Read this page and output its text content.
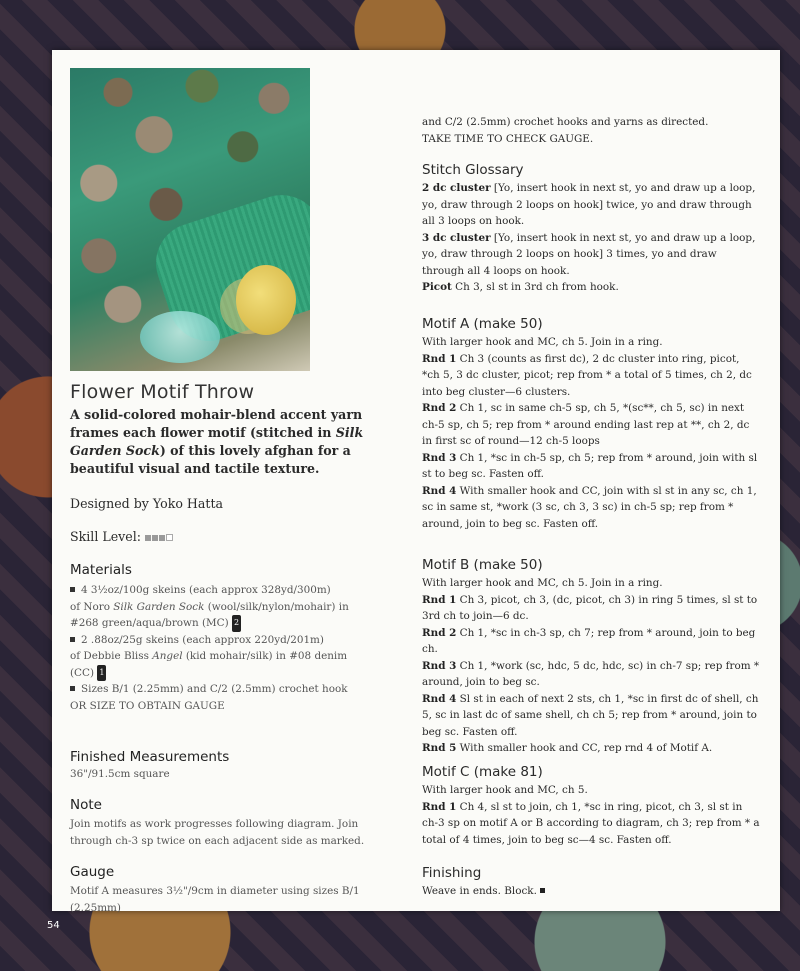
Flower Motif Throw
A solid-colored mohair-blend accent yarn frames each flower motif (stitched in Silk Garden Sock) of this lovely afghan for a beautiful visual and tactile texture.
Designed by Yoko Hatta
Skill Level:
Materials
4 3½oz/100g skeins (each approx 328yd/300m)
of Noro Silk Garden Sock (wool/silk/nylon/mohair) in
#268 green/aqua/brown (MC) 2
2 .88oz/25g skeins (each approx 220yd/201m)
of Debbie Bliss Angel (kid mohair/silk) in #08 denim
(CC) 1
Sizes B/1 (2.25mm) and C/2 (2.5mm) crochet hook
OR SIZE TO OBTAIN GAUGE
Finished Measurements
36"/91.5cm square
Note
Join motifs as work progresses following diagram. Join through ch-3 sp twice on each adjacent side as marked.
Gauge
Motif A measures 3½"/9cm in diameter using sizes B/1 (2.25mm)
and C/2 (2.5mm) crochet hooks and yarns as directed.
TAKE TIME TO CHECK GAUGE.
Stitch Glossary
2 dc cluster [Yo, insert hook in next st, yo and draw up a loop, yo, draw through 2 loops on hook] twice, yo and draw through all 3 loops on hook.
3 dc cluster [Yo, insert hook in next st, yo and draw up a loop, yo, draw through 2 loops on hook] 3 times, yo and draw through all 4 loops on hook.
Picot Ch 3, sl st in 3rd ch from hook.
Motif A (make 50)
With larger hook and MC, ch 5. Join in a ring.
Rnd 1 Ch 3 (counts as first dc), 2 dc cluster into ring, picot, *ch 5, 3 dc cluster, picot; rep from * a total of 5 times, ch 2, dc into beg cluster—6 clusters.
Rnd 2 Ch 1, sc in same ch-5 sp, ch 5, *(sc**, ch 5, sc) in next ch-5 sp, ch 5; rep from * around ending last rep at **, ch 2, dc in first sc of round—12 ch-5 loops
Rnd 3 Ch 1, *sc in ch-5 sp, ch 5; rep from * around, join with sl st to beg sc. Fasten off.
Rnd 4 With smaller hook and CC, join with sl st in any sc, ch 1, sc in same st, *work (3 sc, ch 3, 3 sc) in ch-5 sp; rep from * around, join to beg sc. Fasten off.
Motif B (make 50)
With larger hook and MC, ch 5. Join in a ring.
Rnd 1 Ch 3, picot, ch 3, (dc, picot, ch 3) in ring 5 times, sl st to 3rd ch to join—6 dc.
Rnd 2 Ch 1, *sc in ch-3 sp, ch 7; rep from * around, join to beg ch.
Rnd 3 Ch 1, *work (sc, hdc, 5 dc, hdc, sc) in ch-7 sp; rep from * around, join to beg sc.
Rnd 4 Sl st in each of next 2 sts, ch 1, *sc in first dc of shell, ch 5, sc in last dc of same shell, ch ch 5; rep from * around, join to beg sc. Fasten off.
Rnd 5 With smaller hook and CC, rep rnd 4 of Motif A.
Motif C (make 81)
With larger hook and MC, ch 5.
Rnd 1 Ch 4, sl st to join, ch 1, *sc in ring, picot, ch 3, sl st in ch-3 sp on motif A or B according to diagram, ch 3; rep from * a total of 4 times, join to beg sc—4 sc. Fasten off.
Finishing
Weave in ends. Block.
54
